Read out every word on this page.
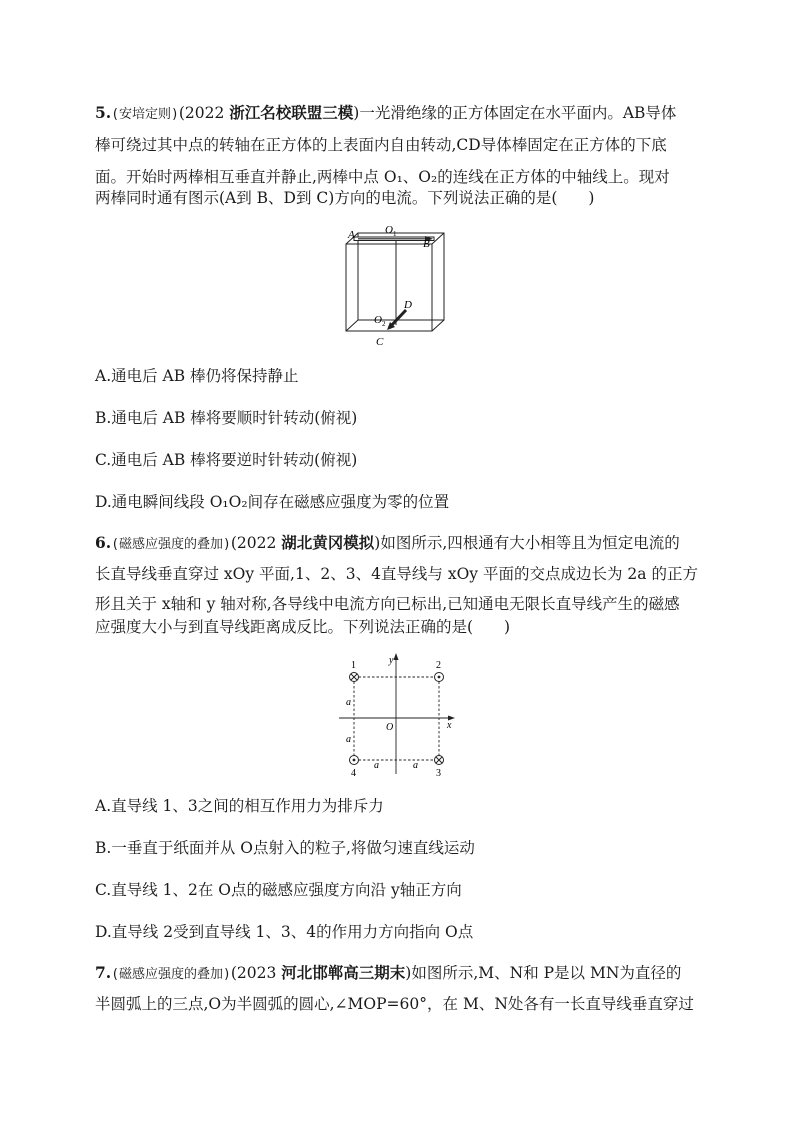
5.(安培定则)(2022 浙江名校联盟三模)一光滑绝缘的正方体固定在水平面内。AB导体
棒可绕过其中点的转轴在正方体的上表面内自由转动,CD导体棒固定在正方体的下底
面。开始时两棒相互垂直并静止,两棒中点 O₁、O₂的连线在正方体的中轴线上。现对
两棒同时通有图示(A到 B、D到 C)方向的电流。下列说法正确的是(　　)
A
B
O 1
D
O 2
C
A.通电后 AB 棒仍将保持静止
B.通电后 AB 棒将要顺时针转动(俯视)
C.通电后 AB 棒将要逆时针转动(俯视)
D.通电瞬间线段 O₁O₂间存在磁感应强度为零的位置
6.(磁感应强度的叠加)(2022 湖北黄冈模拟)如图所示,四根通有大小相等且为恒定电流的
长直导线垂直穿过 xOy 平面,1、2、3、4直导线与 xOy 平面的交点成边长为 2a 的正方
形且关于 x轴和 y 轴对称,各导线中电流方向已标出,已知通电无限长直导线产生的磁感
应强度大小与到直导线距离成反比。下列说法正确的是(　　)
1	2
3
4
y
x
O
a
a
a	a
A.直导线 1、3之间的相互作用力为排斥力
B.一垂直于纸面并从 O点射入的粒子,将做匀速直线运动
C.直导线 1、2在 O点的磁感应强度方向沿 y轴正方向
D.直导线 2受到直导线 1、3、4的作用力方向指向 O点
7.(磁感应强度的叠加)(2023 河北邯郸高三期末)如图所示,M、N和 P是以 MN为直径的
半圆弧上的三点,O为半圆弧的圆心,∠MOP=60°，在 M、N处各有一长直导线垂直穿过
